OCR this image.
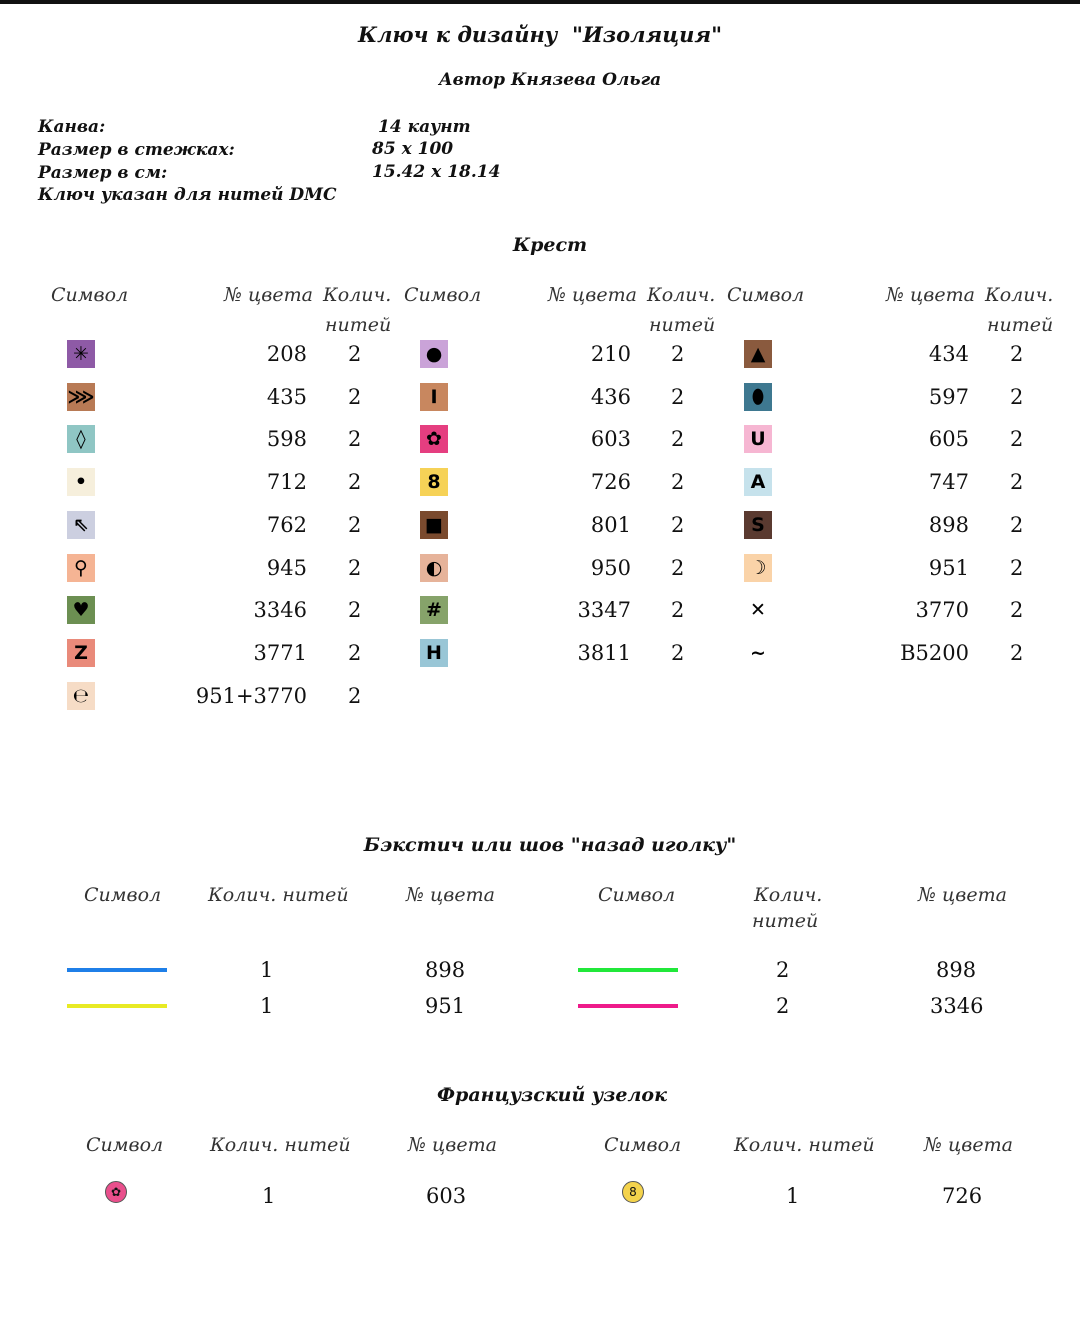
Ключ к дизайну  "Изоляция"
Автор Князева Ольга
Канва:	14 каунт
Размер в стежках:	85 х 100
Размер в см:	15.42 х 18.14
Ключ указан для нитей DMC
Крест
Символ	№ цвета Колич.
нитей
Символ	№ цвета Колич.
нитей
Символ	№ цвета Колич.
нитей
✳	208 2
⋙	435 2
◊	598 2
•	712 2
⇖	762 2
⚲	945 2
♥	3346 2
Z	3771 2
℮	951+3770 2
●	210 2
Ι	436 2
✿	603 2
8	726 2
■	801 2
◐	950 2
#	3347 2
H	3811 2
▲	434 2
⬮	597 2
U	605 2
A	747 2
S	898 2
☽	951 2
✕	3770 2
~	B5200 2
Бэкстич или шов "назад иголку"
Символ Колич. нитей	№ цвета	Символ	Колич.
нитей
№ цвета
1	898
1	951
2	898
2	3346
Французский узелок
Символ Колич. нитей	№ цвета	Символ	Колич. нитей	№ цвета
✿	1	603	8	1	726
